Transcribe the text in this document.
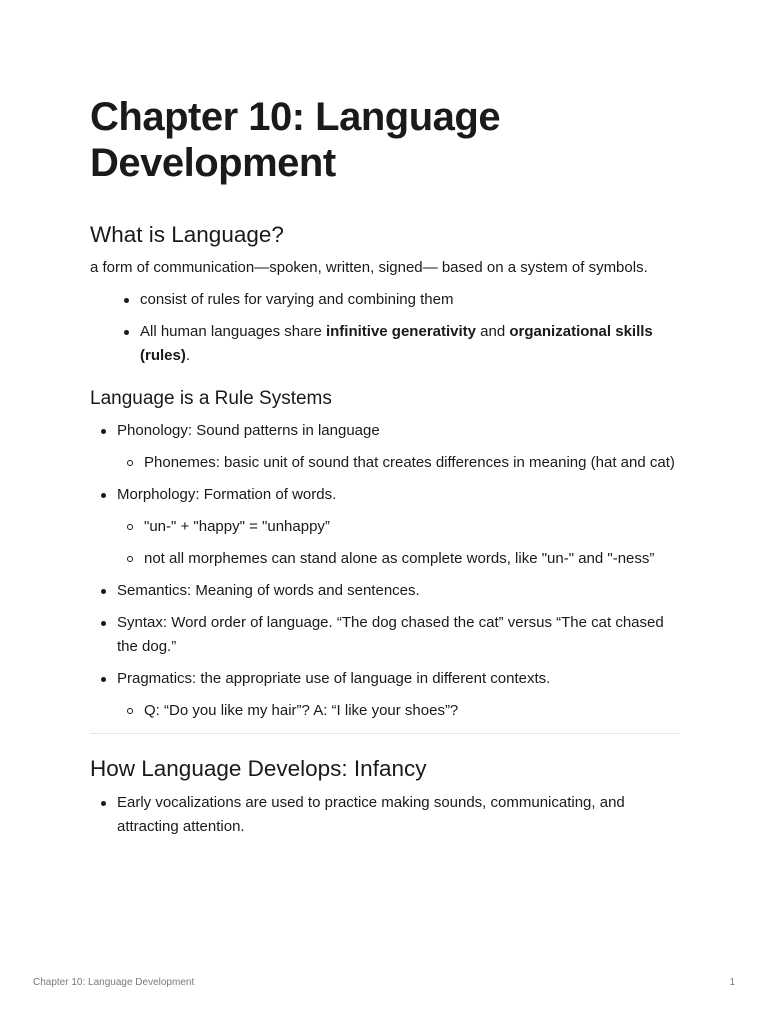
Chapter 10: Language Development
What is Language?

a form of communication—spoken, written, signed— based on a system of symbols.

consist of rules for varying and combining them
All human languages share infinitive generativity and organizational skills (rules).
Language is a Rule Systems
Phonology: Sound patterns in language
Phonemes: basic unit of sound that creates differences in meaning (hat and cat)
Morphology: Formation of words.
"un-" + "happy" = "unhappy”
not all morphemes can stand alone as complete words, like "un-" and "-ness”
Semantics: Meaning of words and sentences.
Syntax: Word order of language. “The dog chased the cat” versus “The cat chased the dog.”
Pragmatics: the appropriate use of language in different contexts.
Q: “Do you like my hair”? A: “I like your shoes”?
How Language Develops: Infancy
Early vocalizations are used to practice making sounds, communicating, and attracting attention.
Chapter 10: Language Development	1
